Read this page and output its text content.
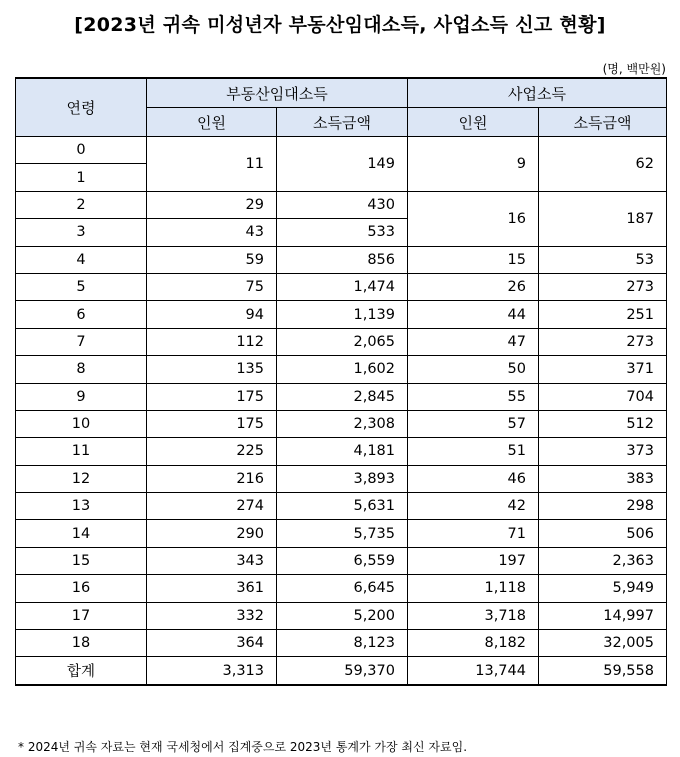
[2023년 귀속 미성년자 부동산임대소득, 사업소득 신고 현황]
(명, 백만원)
연령	부동산임대소득		사업소득	
	인원	소득금액	인원	소득금액
0	11	149	9	62
1				
2	29	430	16	187
3	43	533		
4	59	856	15	53
5	75	1,474	26	273
6	94	1,139	44	251
7	112	2,065	47	273
8	135	1,602	50	371
9	175	2,845	55	704
10	175	2,308	57	512
11	225	4,181	51	373
12	216	3,893	46	383
13	274	5,631	42	298
14	290	5,735	71	506
15	343	6,559	197	2,363
16	361	6,645	1,118	5,949
17	332	5,200	3,718	14,997
18	364	8,123	8,182	32,005
합계	3,313	59,370	13,744	59,558
* 2024년 귀속 자료는 현재 국세청에서 집계중으로 2023년 통계가 가장 최신 자료임.
